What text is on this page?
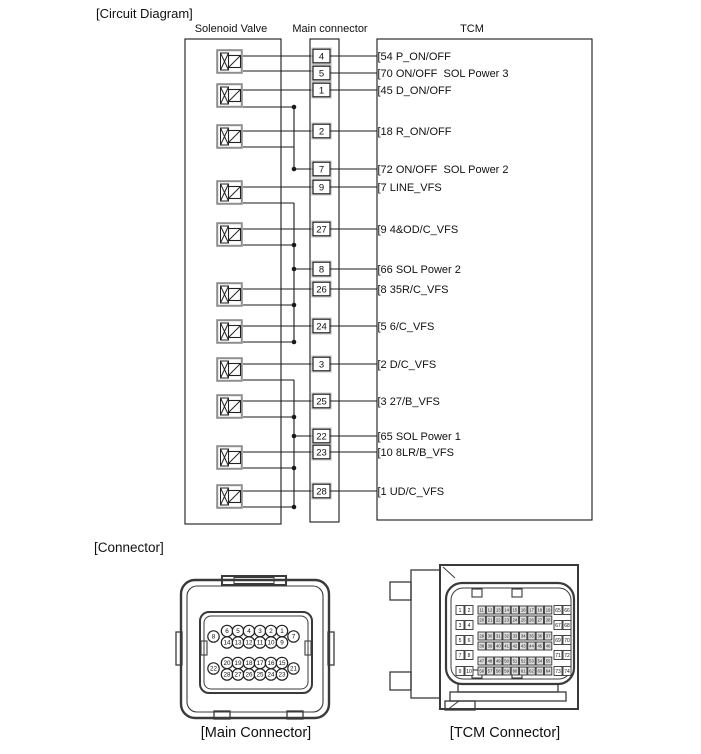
4	[54 P_ON/OFF
5	[70 ON/OFF  SOL Power 3
1	[45 D_ON/OFF
2	[18 R_ON/OFF
7	[72 ON/OFF  SOL Power 2
9	[7 LINE_VFS
27	[9 4&OD/C_VFS
8	[66 SOL Power 2
26	[8 35R/C_VFS
24	[5 6/C_VFS
3	[2 D/C_VFS
25	[3 27/B_VFS
22	[65 SOL Power 1
23	[10 8LR/B_VFS
28	[1 UD/C_VFS
6 5 4 3 2 1
14 13 12 11 10 9
20 19 18 17 16 15
28 27 26 25 24 23
8
22
7
21
1 2
3 4
5 6
7 8
9 10
65 66
67 68
69 70
71 72
73 74
11 12 13 14 15 16 17 18 19
20 21 22 23 24 25 26 27 28
29 30 31 32 33 34 35 36 37
38 39 40 41 42 43 44 45 46
47 48 49 50 51 52 53 54 55
56 57 58 59 60 61 62 63 64
[Circuit Diagram]
Solenoid Valve	Main connector	TCM
[Connector]
[Main Connector]	[TCM Connector]
